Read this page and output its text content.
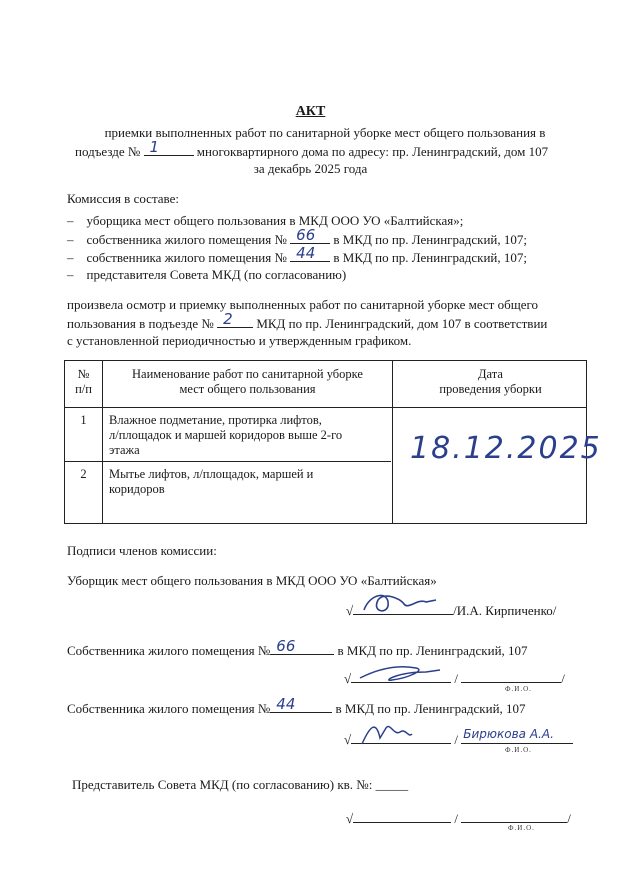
АКТ
приемки выполненных работ по санитарной уборке мест общего пользования в
подъезде № 1	многоквартирного дома по адресу: пр. Ленинградский, дом 107
за декабрь 2025 года
Комиссия в составе:
–    уборщика мест общего пользования в МКД ООО УО «Балтийская»;
–    собственника жилого помещения № 66 в МКД по пр. Ленинградский, 107;
–    собственника жилого помещения № 44 в МКД по пр. Ленинградский, 107;
–    представителя Совета МКД (по согласованию)
произвела осмотр и приемку выполненных работ по санитарной уборке мест общего
пользования в подъезде № 2 МКД по пр. Ленинградский, дом 107 в соответствии
с установленной периодичностью и утвержденным графиком.
№
п/п
Наименование работ по санитарной уборке
мест общего пользования
Дата
проведения уборки
1	Влажное подметание, протирка лифтов,
л/площадок и маршей коридоров выше 2-го
этажа
2	Мытье лифтов, л/площадок, маршей и
коридоров
18.12.2025
Подписи членов комиссии:
Уборщик мест общего пользования в МКД ООО УО «Балтийская»
√	/И.А. Кирпиченко/
Собственника жилого помещения № 66	в МКД по пр. Ленинградский, 107
√	/	/
Ф.И.О.
Собственника жилого помещения № 44	в МКД по пр. Ленинградский, 107
√	/ Бирюкова А.А.
Ф.И.О.
Представитель Совета МКД (по согласованию) кв. №: _____
√	/	/
Ф.И.О.
